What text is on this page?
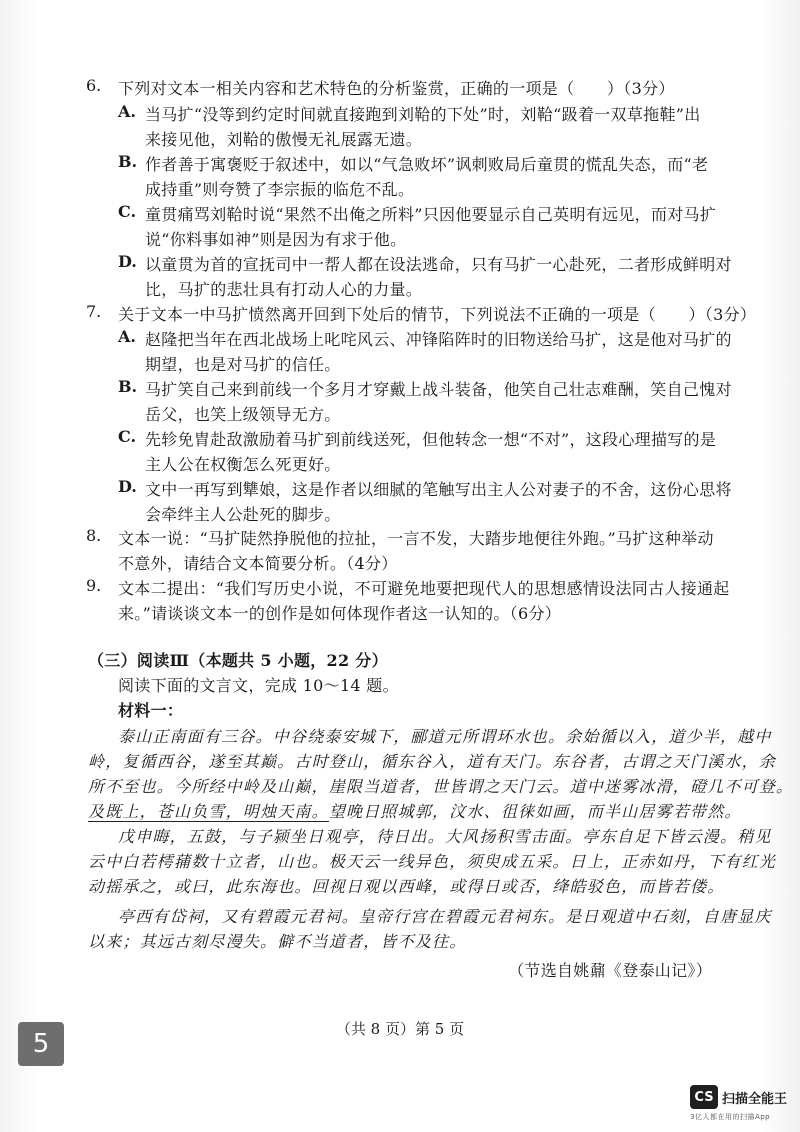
6. 下列对文本一相关内容和艺术特色的分析鉴赏，正确的一项是（　　）（3分）
A. 当马扩“没等到约定时间就直接跑到刘鞈的下处”时，刘鞈“趿着一双草拖鞋”出
来接见他，刘鞈的傲慢无礼展露无遗。
B. 作者善于寓褒贬于叙述中，如以“气急败坏”讽刺败局后童贯的慌乱失态，而“老
成持重”则夸赞了李宗振的临危不乱。
C. 童贯痛骂刘鞈时说“果然不出俺之所料”只因他要显示自己英明有远见，而对马扩
说“你料事如神”则是因为有求于他。
D. 以童贯为首的宣抚司中一帮人都在设法逃命，只有马扩一心赴死，二者形成鲜明对
比，马扩的悲壮具有打动人心的力量。
7. 关于文本一中马扩愤然离开回到下处后的情节，下列说法不正确的一项是（　　）（3分）
A. 赵隆把当年在西北战场上叱咤风云、冲锋陷阵时的旧物送给马扩，这是他对马扩的
期望，也是对马扩的信任。
B. 马扩笑自己来到前线一个多月才穿戴上战斗装备，他笑自己壮志难酬，笑自己愧对
岳父，也笑上级领导无方。
C. 先轸免胄赴敌激励着马扩到前线送死，但他转念一想“不对”，这段心理描写的是
主人公在权衡怎么死更好。
D. 文中一再写到犨娘，这是作者以细腻的笔触写出主人公对妻子的不舍，这份心思将
会牵绊主人公赴死的脚步。
8. 文本一说：“马扩陡然挣脱他的拉扯，一言不发，大踏步地便往外跑。”马扩这种举动
不意外，请结合文本简要分析。（4分）
9. 文本二提出：“我们写历史小说，不可避免地要把现代人的思想感情设法同古人接通起
来。”请谈谈文本一的创作是如何体现作者这一认知的。（6分）
（三）阅读Ⅲ（本题共 5 小题，22 分）
阅读下面的文言文，完成 10～14 题。
材料一：
泰山正南面有三谷。中谷绕泰安城下，郦道元所谓环水也。余始循以入，道少半，越中
岭，复循西谷，遂至其巅。古时登山，循东谷入，道有天门。东谷者，古谓之天门溪水，余
所不至也。今所经中岭及山巅，崖限当道者，世皆谓之天门云。道中迷雾冰滑，磴几不可登。
及既上，苍山负雪，明烛天南。望晚日照城郭，汶水、徂徕如画，而半山居雾若带然。
戊申晦，五鼓，与子颍坐日观亭，待日出。大风扬积雪击面。亭东自足下皆云漫。稍见
云中白若樗蒱数十立者，山也。极天云一线异色，须臾成五采。日上，正赤如丹，下有红光
动摇承之，或曰，此东海也。回视日观以西峰，或得日或否，绛皓驳色，而皆若偻。
亭西有岱祠，又有碧霞元君祠。皇帝行宫在碧霞元君祠东。是日观道中石刻，自唐显庆
以来；其远古刻尽漫失。僻不当道者，皆不及往。
（节选自姚鼐《登泰山记》）
（共 8 页）第 5 页
5
CS 扫描全能王
3亿人都在用的扫描App
